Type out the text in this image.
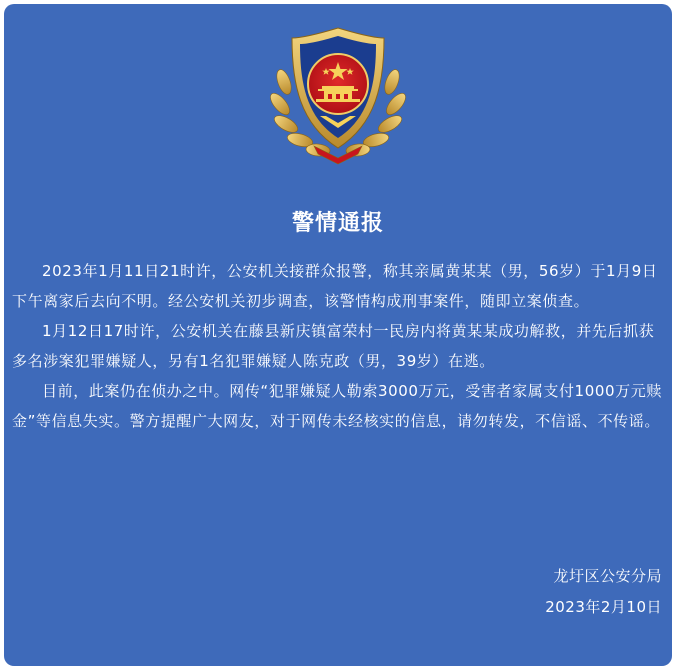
警情通报

2023年1月11日21时许，公安机关接群众报警，称其亲属黄某某（男，56岁）于1月9日下午离家后去向不明。经公安机关初步调查，该警情构成刑事案件，随即立案侦查。

1月12日17时许，公安机关在藤县新庆镇富荣村一民房内将黄某某成功解救，并先后抓获多名涉案犯罪嫌疑人，另有1名犯罪嫌疑人陈克政（男，39岁）在逃。

目前，此案仍在侦办之中。网传“犯罪嫌疑人勒索3000万元，受害者家属支付1000万元赎金”等信息失实。警方提醒广大网友，对于网传未经核实的信息，请勿转发，不信谣、不传谣。

龙圩区公安分局
2023年2月10日
